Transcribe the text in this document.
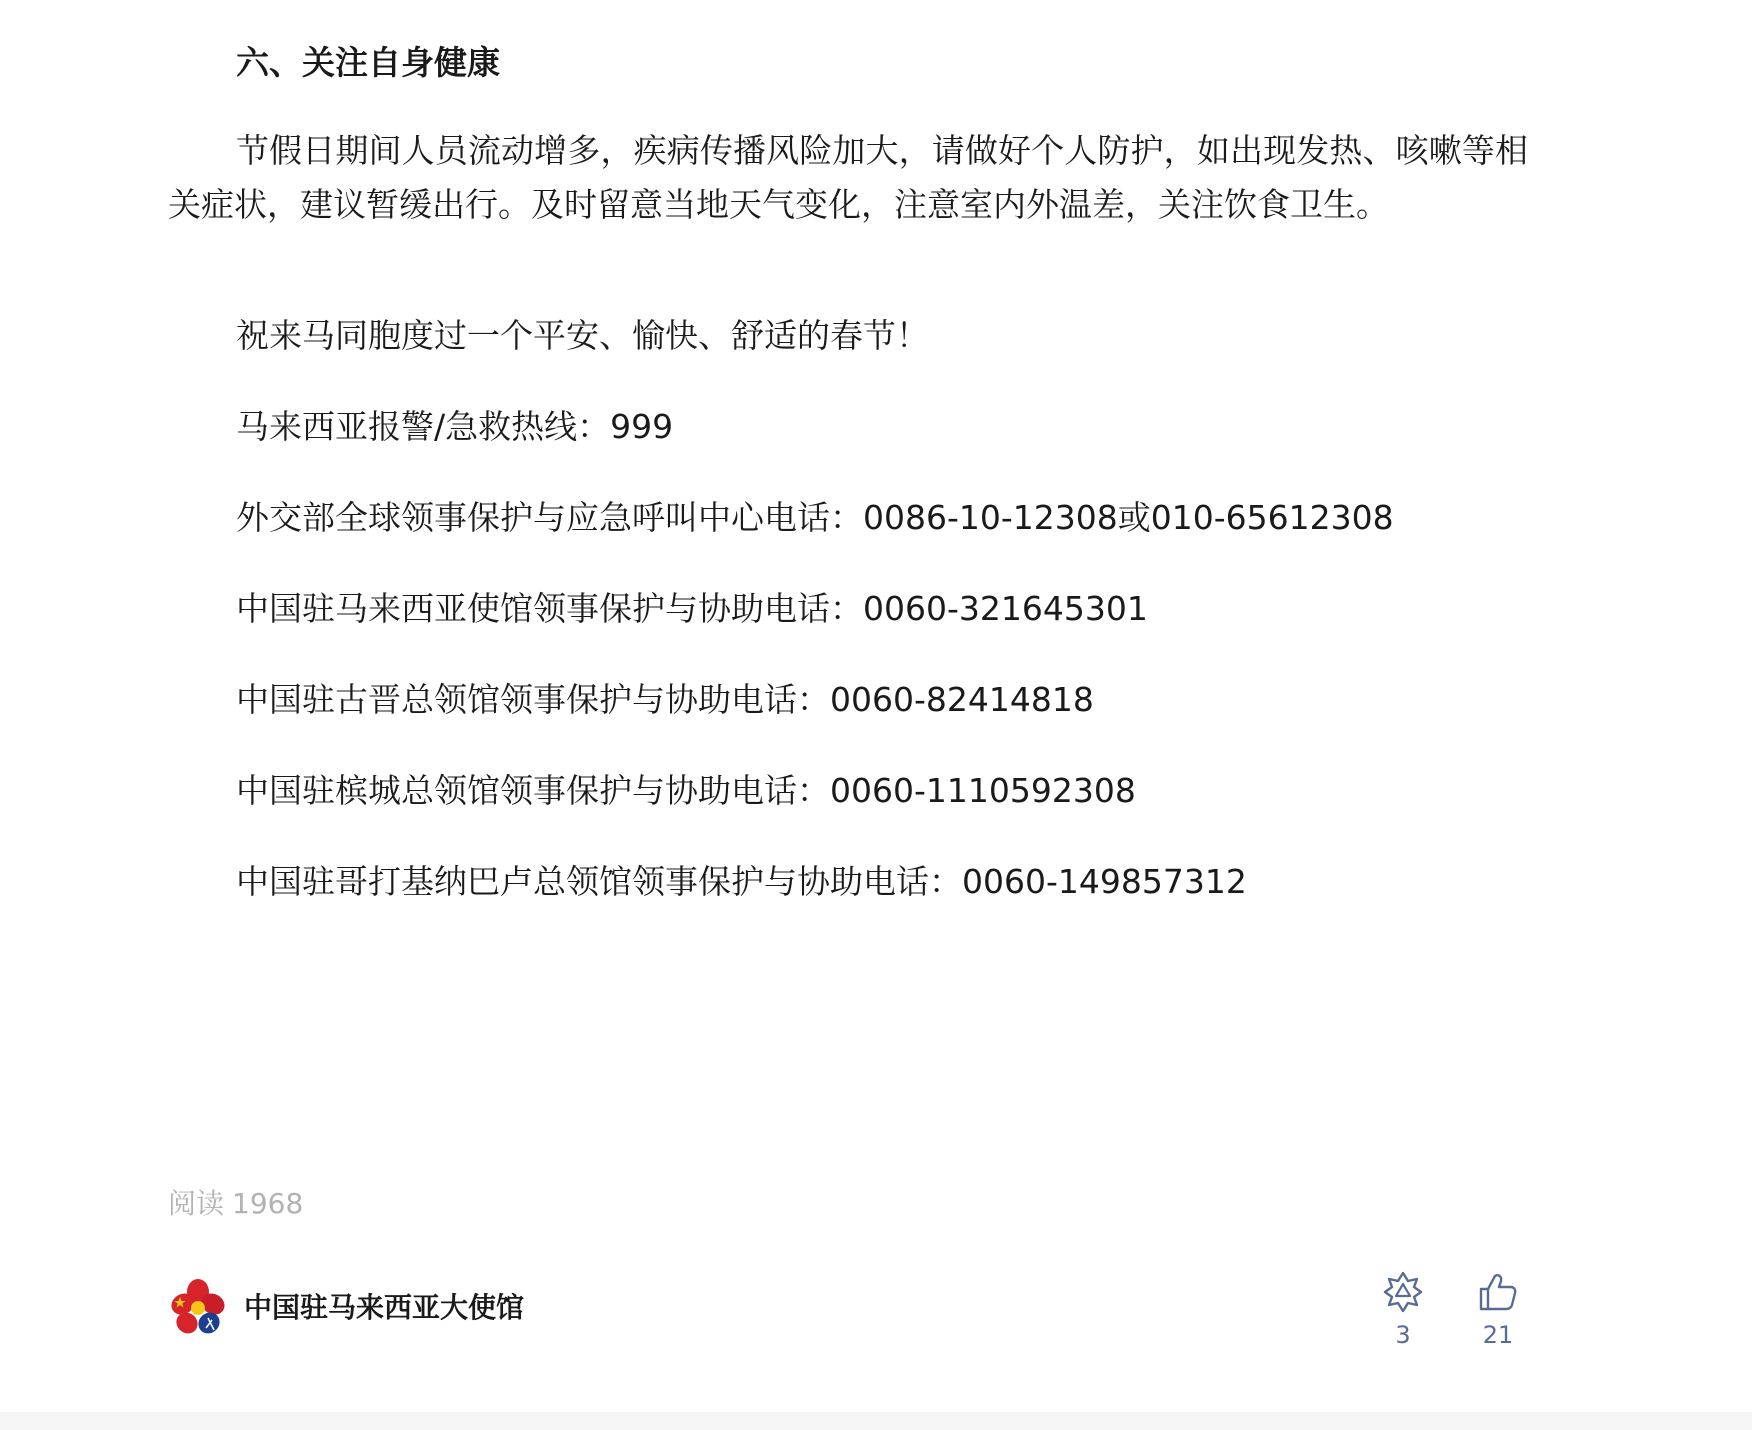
六、关注自身健康

节假日期间人员流动增多，疾病传播风险加大，请做好个人防护，如出现发热、咳嗽等相关症状，建议暂缓出行。及时留意当地天气变化，注意室内外温差，关注饮食卫生。

祝来马同胞度过一个平安、愉快、舒适的春节！

马来西亚报警/急救热线：999

外交部全球领事保护与应急呼叫中心电话：0086-10-12308或010-65612308

中国驻马来西亚使馆领事保护与协助电话：0060-321645301

中国驻古晋总领馆领事保护与协助电话：0060-82414818

中国驻槟城总领馆领事保护与协助电话：0060-1110592308

中国驻哥打基纳巴卢总领馆领事保护与协助电话：0060-149857312

阅读 1968
中国驻马来西亚大使馆
3	21
